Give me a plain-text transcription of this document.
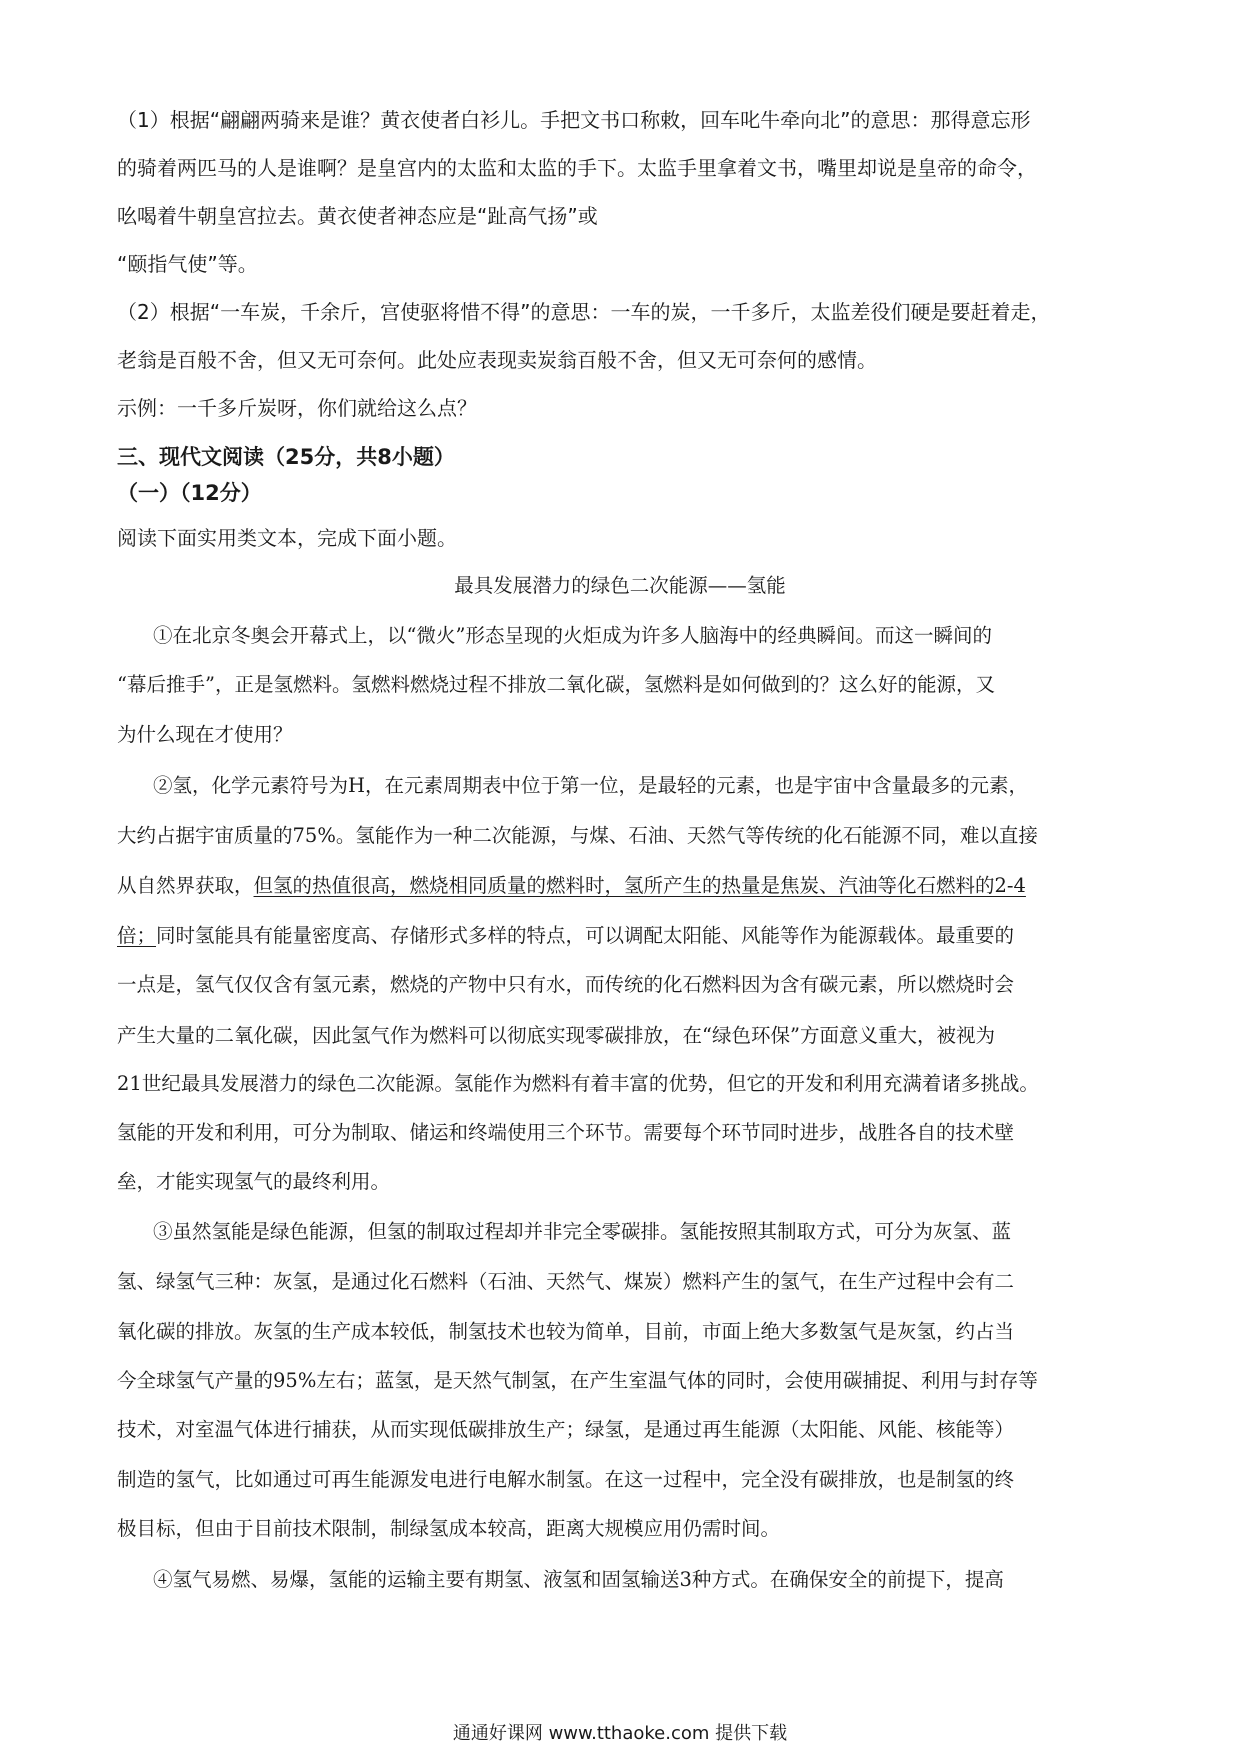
（1）根据“翩翩两骑来是谁？黄衣使者白衫儿。手把文书口称敕，回车叱牛牵向北”的意思：那得意忘形
的骑着两匹马的人是谁啊？是皇宫内的太监和太监的手下。太监手里拿着文书，嘴里却说是皇帝的命令，
吆喝着牛朝皇宫拉去。黄衣使者神态应是“趾高气扬”或
“颐指气使”等。
（2）根据“一车炭，千余斤，宫使驱将惜不得”的意思：一车的炭，一千多斤，太监差役们硬是要赶着走，
老翁是百般不舍，但又无可奈何。此处应表现卖炭翁百般不舍，但又无可奈何的感情。
示例：一千多斤炭呀，你们就给这么点？
三、现代文阅读（25分，共8小题）
（一）（12分）
阅读下面实用类文本，完成下面小题。
最具发展潜力的绿色二次能源——氢能
①在北京冬奥会开幕式上，以“微火”形态呈现的火炬成为许多人脑海中的经典瞬间。而这一瞬间的
“幕后推手”，正是氢燃料。氢燃料燃烧过程不排放二氧化碳，氢燃料是如何做到的？这么好的能源，又
为什么现在才使用？
②氢，化学元素符号为H，在元素周期表中位于第一位，是最轻的元素，也是宇宙中含量最多的元素，
大约占据宇宙质量的75%。氢能作为一种二次能源，与煤、石油、天然气等传统的化石能源不同，难以直接
从自然界获取，但氢的热值很高，燃烧相同质量的燃料时，氢所产生的热量是焦炭、汽油等化石燃料的2-4
倍；同时氢能具有能量密度高、存储形式多样的特点，可以调配太阳能、风能等作为能源载体。最重要的
一点是，氢气仅仅含有氢元素，燃烧的产物中只有水，而传统的化石燃料因为含有碳元素，所以燃烧时会
产生大量的二氧化碳，因此氢气作为燃料可以彻底实现零碳排放，在“绿色环保”方面意义重大，被视为
21世纪最具发展潜力的绿色二次能源。氢能作为燃料有着丰富的优势，但它的开发和利用充满着诸多挑战。
氢能的开发和利用，可分为制取、储运和终端使用三个环节。需要每个环节同时进步，战胜各自的技术壁
垒，才能实现氢气的最终利用。
③虽然氢能是绿色能源，但氢的制取过程却并非完全零碳排。氢能按照其制取方式，可分为灰氢、蓝
氢、绿氢气三种：灰氢，是通过化石燃料（石油、天然气、煤炭）燃料产生的氢气，在生产过程中会有二
氧化碳的排放。灰氢的生产成本较低，制氢技术也较为简单，目前，市面上绝大多数氢气是灰氢，约占当
今全球氢气产量的95%左右；蓝氢，是天然气制氢，在产生室温气体的同时，会使用碳捕捉、利用与封存等
技术，对室温气体进行捕获，从而实现低碳排放生产；绿氢，是通过再生能源（太阳能、风能、核能等）
制造的氢气，比如通过可再生能源发电进行电解水制氢。在这一过程中，完全没有碳排放，也是制氢的终
极目标，但由于目前技术限制，制绿氢成本较高，距离大规模应用仍需时间。
④氢气易燃、易爆，氢能的运输主要有期氢、液氢和固氢输送3种方式。在确保安全的前提下，提高
通通好课网 www.tthaoke.com 提供下载
